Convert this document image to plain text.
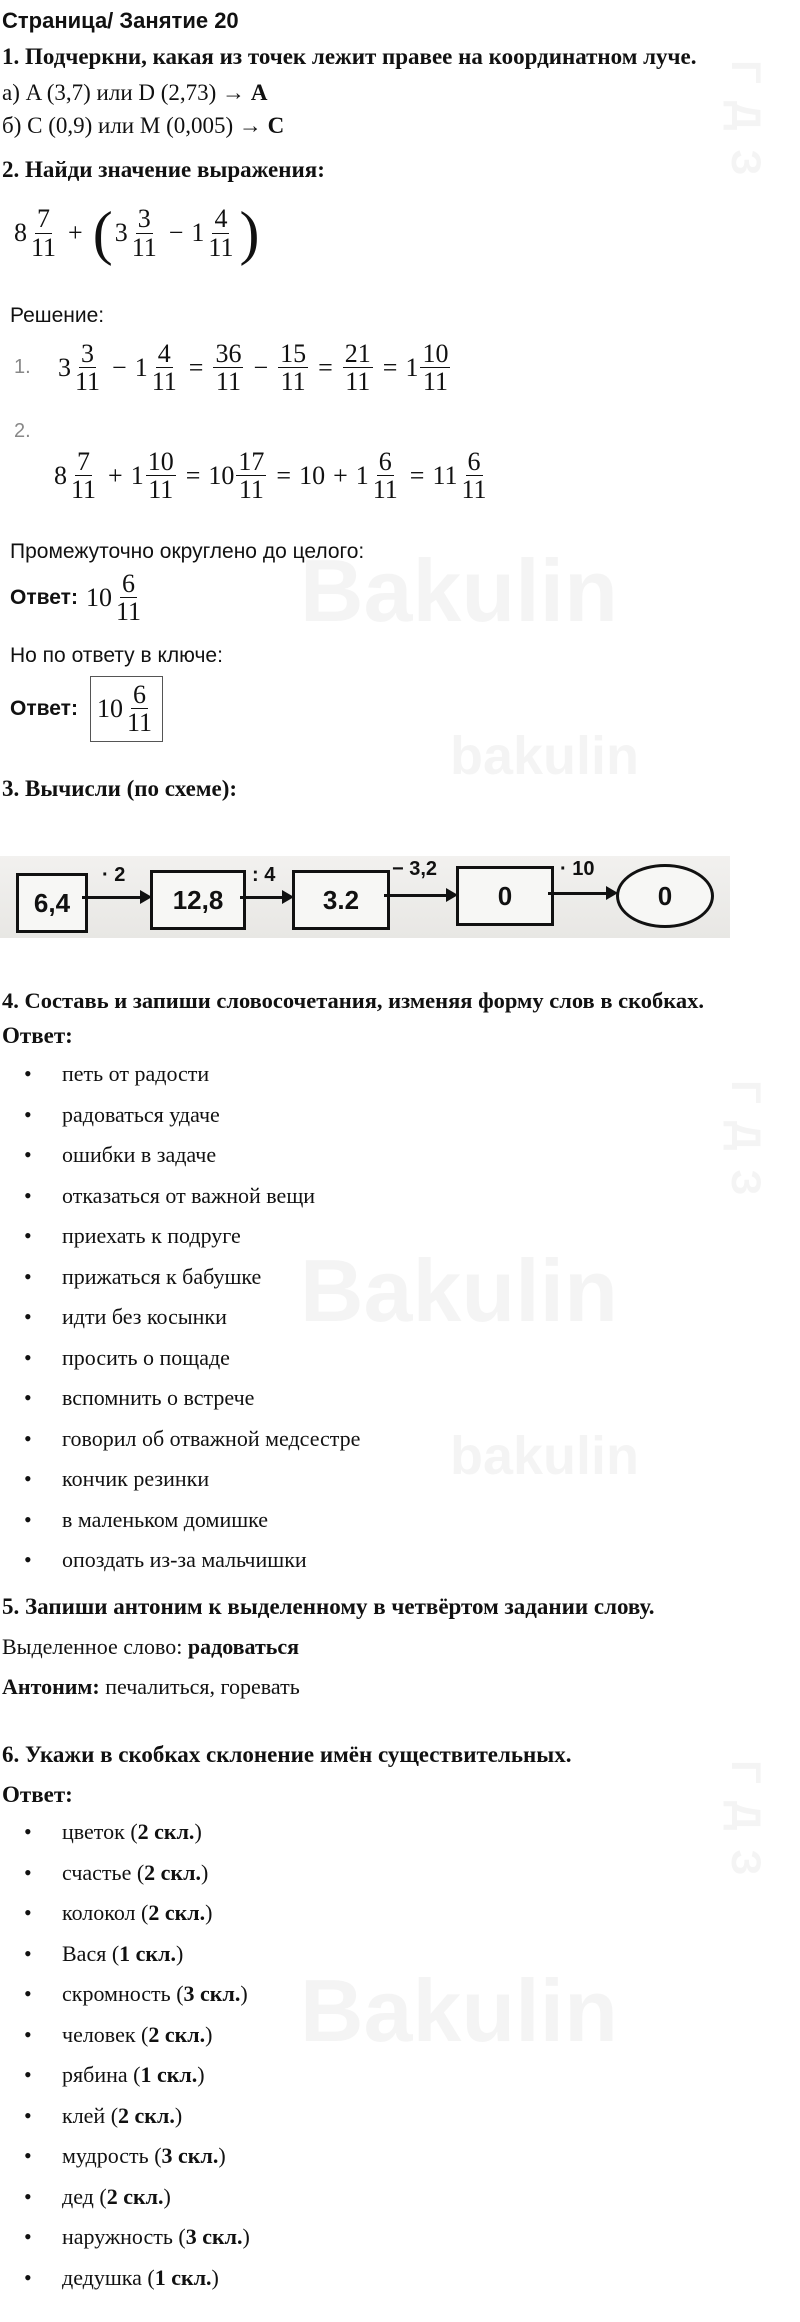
Страница/ Занятие 20
1. Подчеркни, какая из точек лежит правее на координатном луче.
а) A (3,7) или D (2,73) → A
б) C (0,9) или M (0,005) → C
2. Найди значение выражения:
$8 \frac{7}{11}$ + ( $3 \frac{3}{11} - 1 \frac{4}{11}$ )
Решение:
1.	$3 \frac{3}{11} - 1 \frac{4}{11} = \frac{36}{11} - \frac{15}{11} = \frac{21}{11} = 1 \frac{10}{11}$
2.
$8 \frac{7}{11} + 1 \frac{10}{11} = 10 \frac{17}{11} = 10 + 1 \frac{6}{11} = 11 \frac{6}{11}$
Промежуточно округлено до целого:
Ответ: $10 \frac{6}{11}$
Но по ответу в ключе:
Ответ: $10 \frac{6}{11}$
3. Вычисли (по схеме):
6,4
· 2
12,8
: 4
3.2
− 3,2
0
· 10
0
4. Составь и запиши словосочетания, изменяя форму слов в скобках.
Ответ:
• петь от радости
• радоваться удаче
• ошибки в задаче
• отказаться от важной вещи
• приехать к подруге
• прижаться к бабушке
• идти без косынки
• просить о пощаде
• вспомнить о встрече
• говорил об отважной медсестре
• кончик резинки
• в маленьком домишке
• опоздать из-за мальчишки
5. Запиши антоним к выделенному в четвёртом задании слову.
Выделенное слово: радоваться
Антоним: печалиться, горевать
6. Укажи в скобках склонение имён существительных.
Ответ:
• цветок (2 скл.)
• счастье (2 скл.)
• колокол (2 скл.)
• Вася (1 скл.)
• скромность (3 скл.)
• человек (2 скл.)
• рябина (1 скл.)
• клей (2 скл.)
• мудрость (3 скл.)
• дед (2 скл.)
• наружность (3 скл.)
• дедушка (1 скл.)
